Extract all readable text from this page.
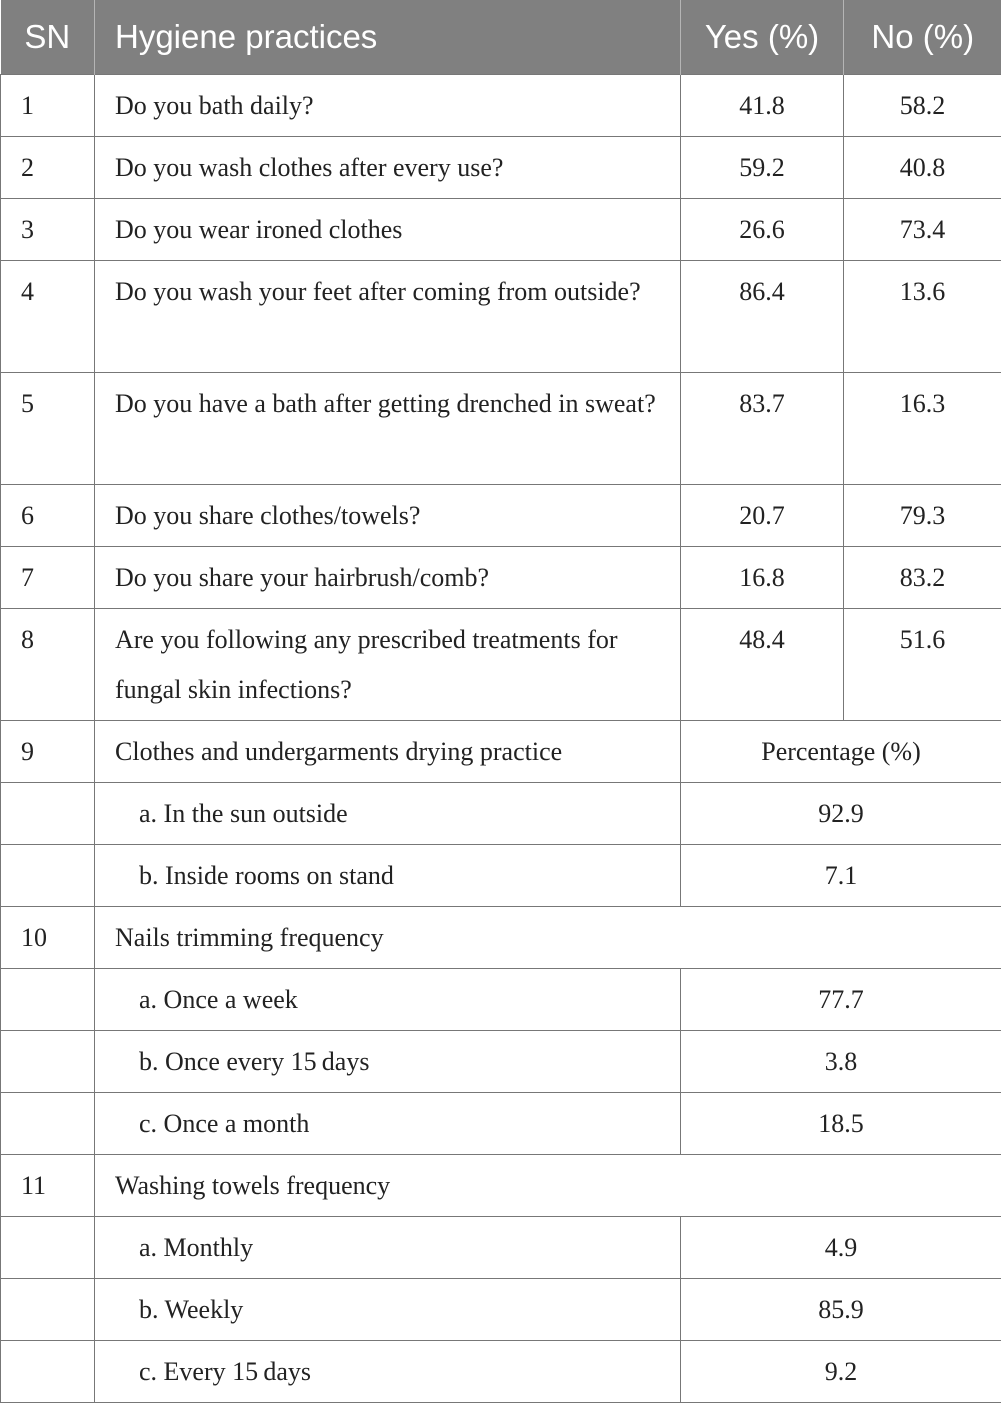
SN	Hygiene practices	Yes (%)	No (%)
1	Do you bath daily?	41.8	58.2
2	Do you wash clothes after every use?	59.2	40.8
3	Do you wear ironed clothes	26.6	73.4
4	Do you wash your feet after coming from outside?	86.4	13.6
5	Do you have a bath after getting drenched in sweat?	83.7	16.3
6	Do you share clothes/towels?	20.7	79.3
7	Do you share your hairbrush/comb?	16.8	83.2
8	Are you following any prescribed treatments for fungal skin infections?	48.4	51.6
9	Clothes and undergarments drying practice	Percentage (%)	
	a. In the sun outside	92.9	
	b. Inside rooms on stand	7.1	
10	Nails trimming frequency		
	a. Once a week	77.7	
	b. Once every 15 days	3.8	
	c. Once a month	18.5	
11	Washing towels frequency		
	a. Monthly	4.9	
	b. Weekly	85.9	
	c. Every 15 days	9.2	
